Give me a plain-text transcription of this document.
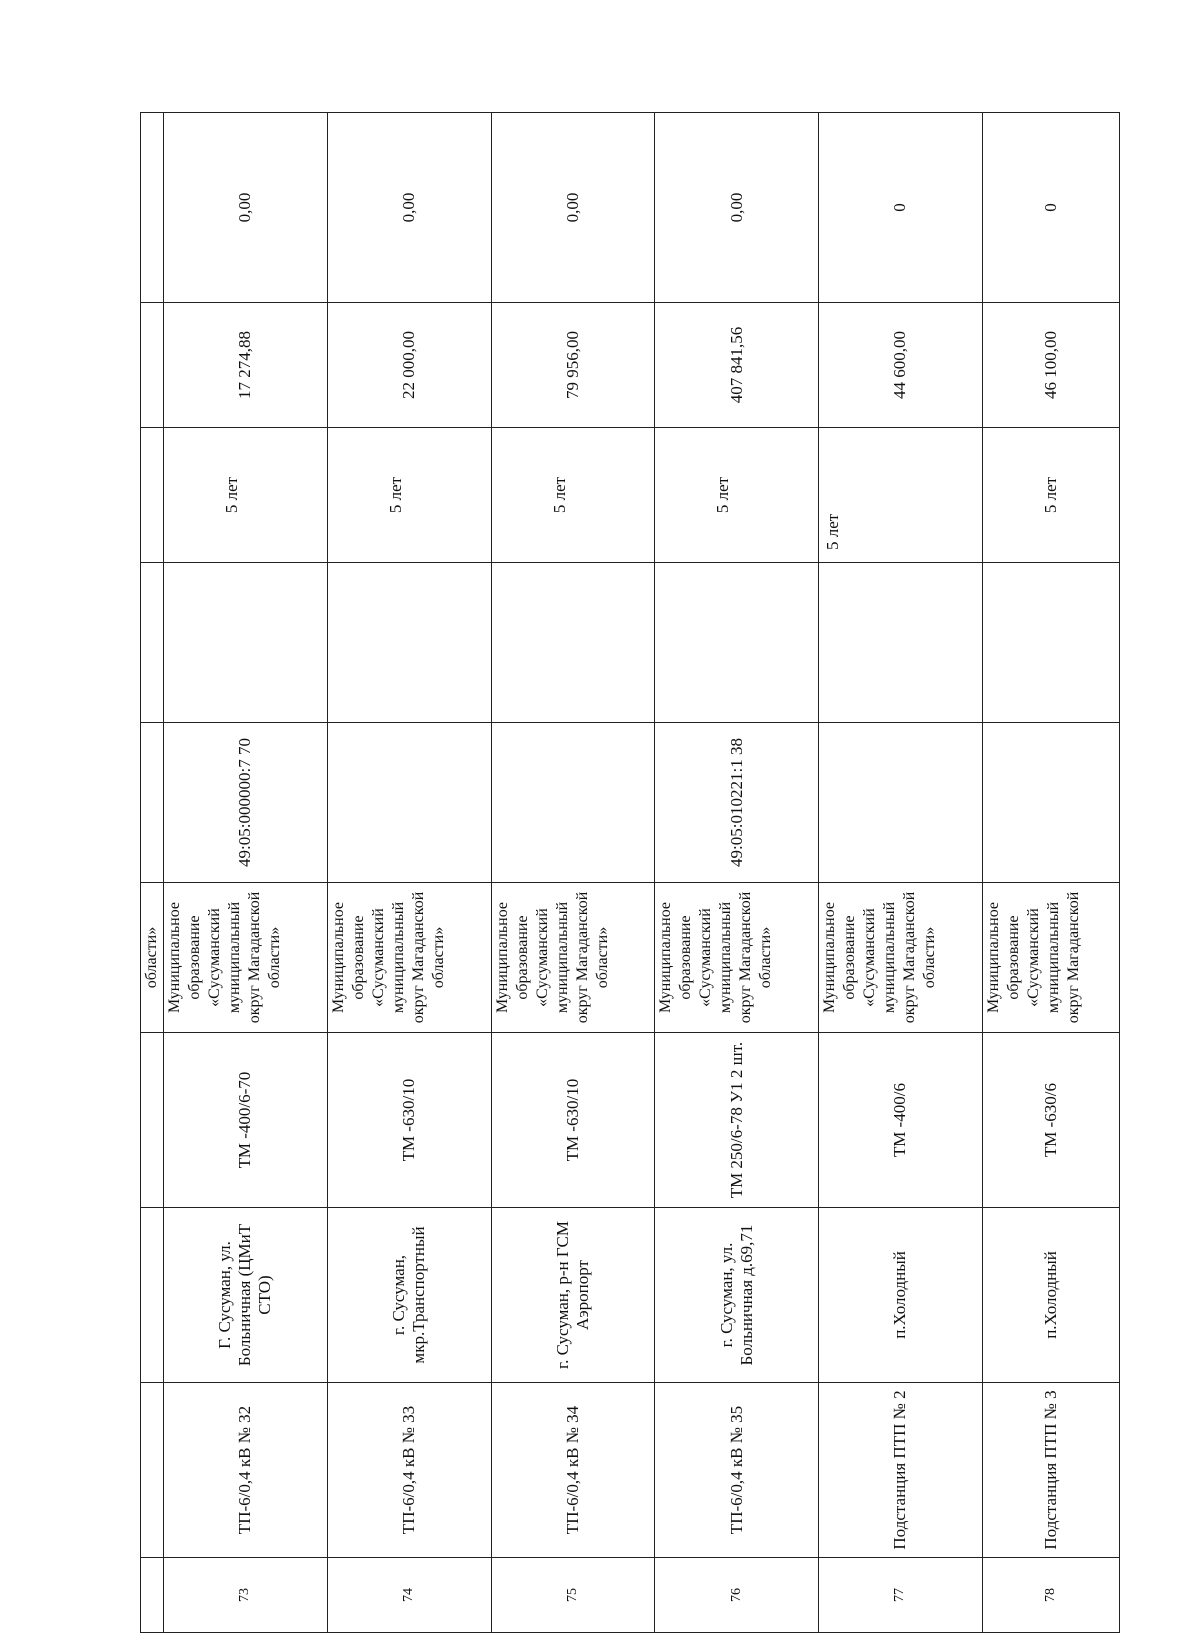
				области»					
73	ТП-6/0,4 кВ № 32	Г. Сусуман, ул. Больничная (ЦМиТ СТО)	ТМ -400/6-70	Муниципальное образование «Сусуманский муниципальный округ Магаданской области»	49:05:000000:7 70		5 лет	17 274,88	0,00
74	ТП-6/0,4 кВ № 33	г. Сусуман, мкр.Транспортный	ТМ -630/10	Муниципальное образование «Сусуманский муниципальный округ Магаданской области»			5 лет	22 000,00	0,00
75	ТП-6/0,4 кВ № 34	г. Сусуман, р-н ГСМ Аэропорт	ТМ -630/10	Муниципальное образование «Сусуманский муниципальный округ Магаданской области»			5 лет	79 956,00	0,00
76	ТП-6/0,4 кВ № 35	г. Сусуман, ул. Больничная д.69,71	ТМ 250/6-78 У1 2 шт.	Муниципальное образование «Сусуманский муниципальный округ Магаданской области»	49:05:010221:1 38		5 лет	407 841,56	0,00
77	Подстанция ПТП № 2	п.Холодный	ТМ -400/6	Муниципальное образование «Сусуманский муниципальный округ Магаданской области»			5 лет	44 600,00	0
78	Подстанция ПТП № 3	п.Холодный	ТМ -630/6	Муниципальное образование «Сусуманский муниципальный округ Магаданской			5 лет	46 100,00	0
